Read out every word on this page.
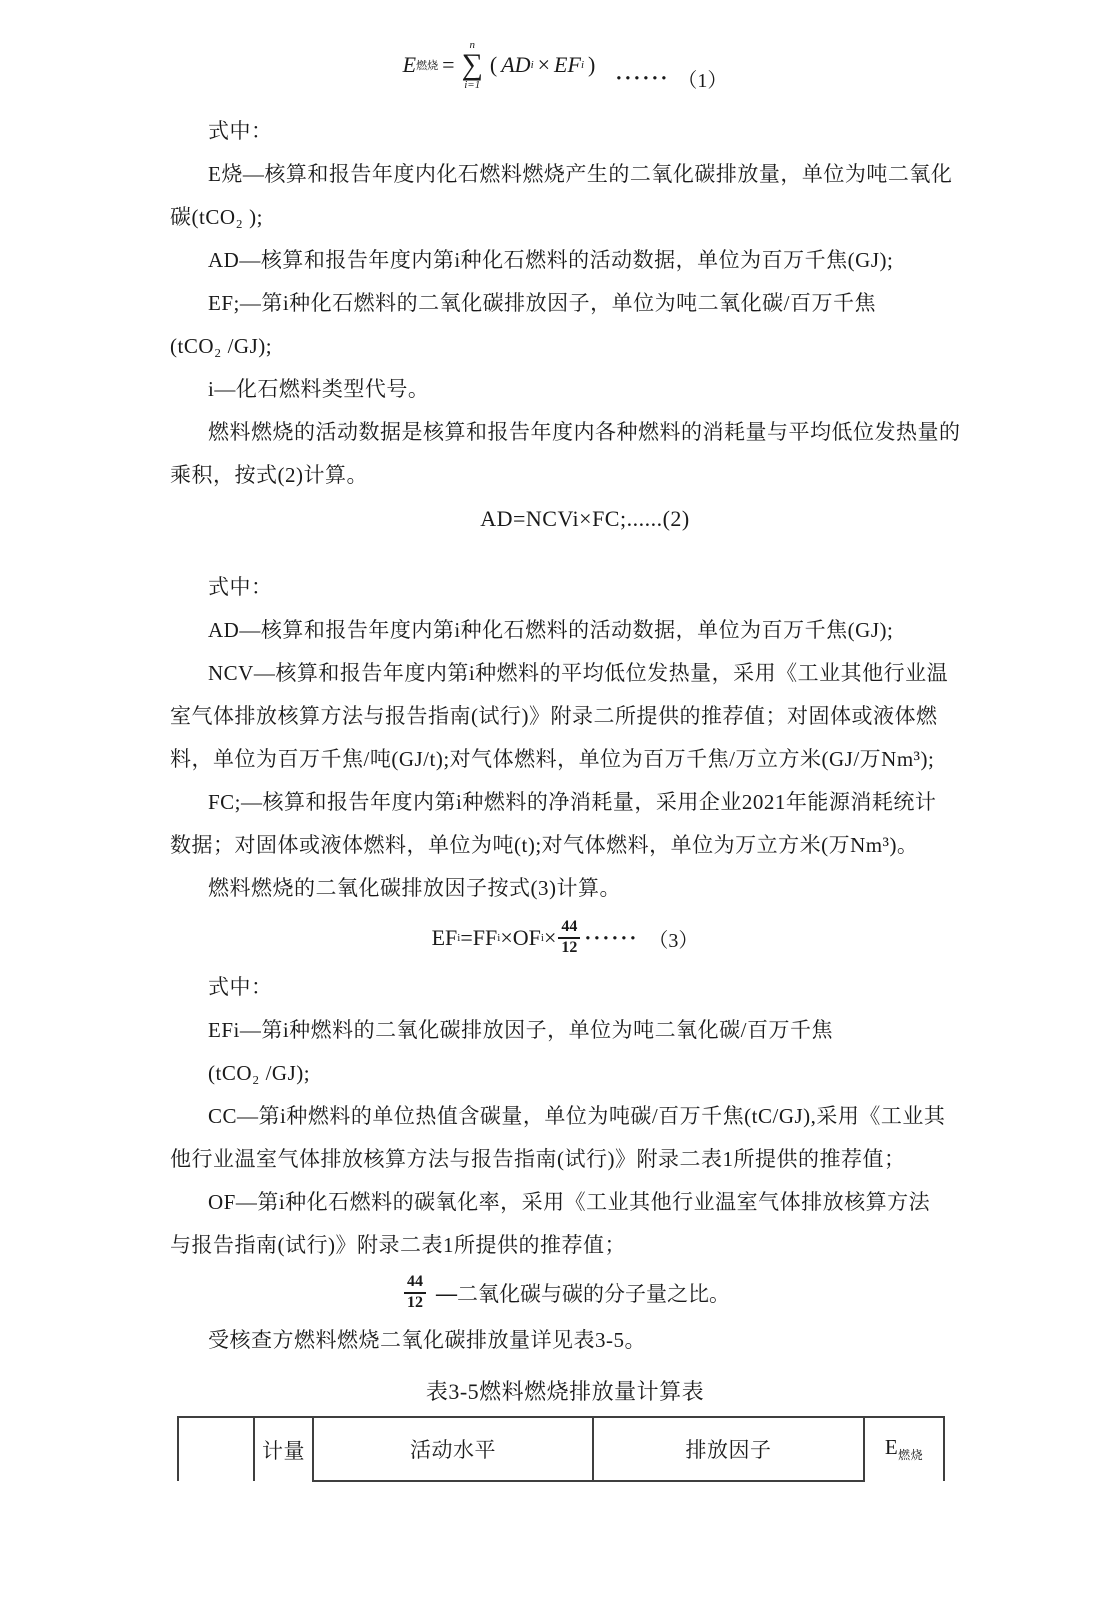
E 燃烧 =
n
∑
i=1
( AD i × EF i )
······ （1）
式中：
E烧—核算和报告年度内化石燃料燃烧产生的二氧化碳排放量，单位为吨二氧化
碳(tCO₂ );
AD—核算和报告年度内第i种化石燃料的活动数据，单位为百万千焦(GJ);
EF;—第i种化石燃料的二氧化碳排放因子，单位为吨二氧化碳/百万千焦
(tCO₂ /GJ);
i—化石燃料类型代号。
燃料燃烧的活动数据是核算和报告年度内各种燃料的消耗量与平均低位发热量的
乘积，按式(2)计算。
AD=NCVi×FC;......(2)
式中：
AD—核算和报告年度内第i种化石燃料的活动数据，单位为百万千焦(GJ);
NCV—核算和报告年度内第i种燃料的平均低位发热量，采用《工业其他行业温
室气体排放核算方法与报告指南(试行)》附录二所提供的推荐值；对固体或液体燃
料，单位为百万千焦/吨(GJ/t);对气体燃料，单位为百万千焦/万立方米(GJ/万Nm³);
FC;—核算和报告年度内第i种燃料的净消耗量，采用企业2021年能源消耗统计
数据；对固体或液体燃料，单位为吨(t);对气体燃料，单位为万立方米(万Nm³)。
燃料燃烧的二氧化碳排放因子按式(3)计算。
EF i = FF i × OF $i \times \frac{44}{12}$ ······ （3）
式中：
EFi—第i种燃料的二氧化碳排放因子，单位为吨二氧化碳/百万千焦
(tCO₂ /GJ);
CC—第i种燃料的单位热值含碳量，单位为吨碳/百万千焦(tC/GJ),采用《工业其
他行业温室气体排放核算方法与报告指南(试行)》附录二表1所提供的推荐值；
OF—第i种化石燃料的碳氧化率，采用《工业其他行业温室气体排放核算方法
与报告指南(试行)》附录二表1所提供的推荐值；
$\frac{44}{12}$ — 二氧化碳与碳的分子量之比。
受核查方燃料燃烧二氧化碳排放量详见表3-5。
表3-5燃料燃烧排放量计算表
	计量	活动水平	排放因子	$E_{燃烧}$
